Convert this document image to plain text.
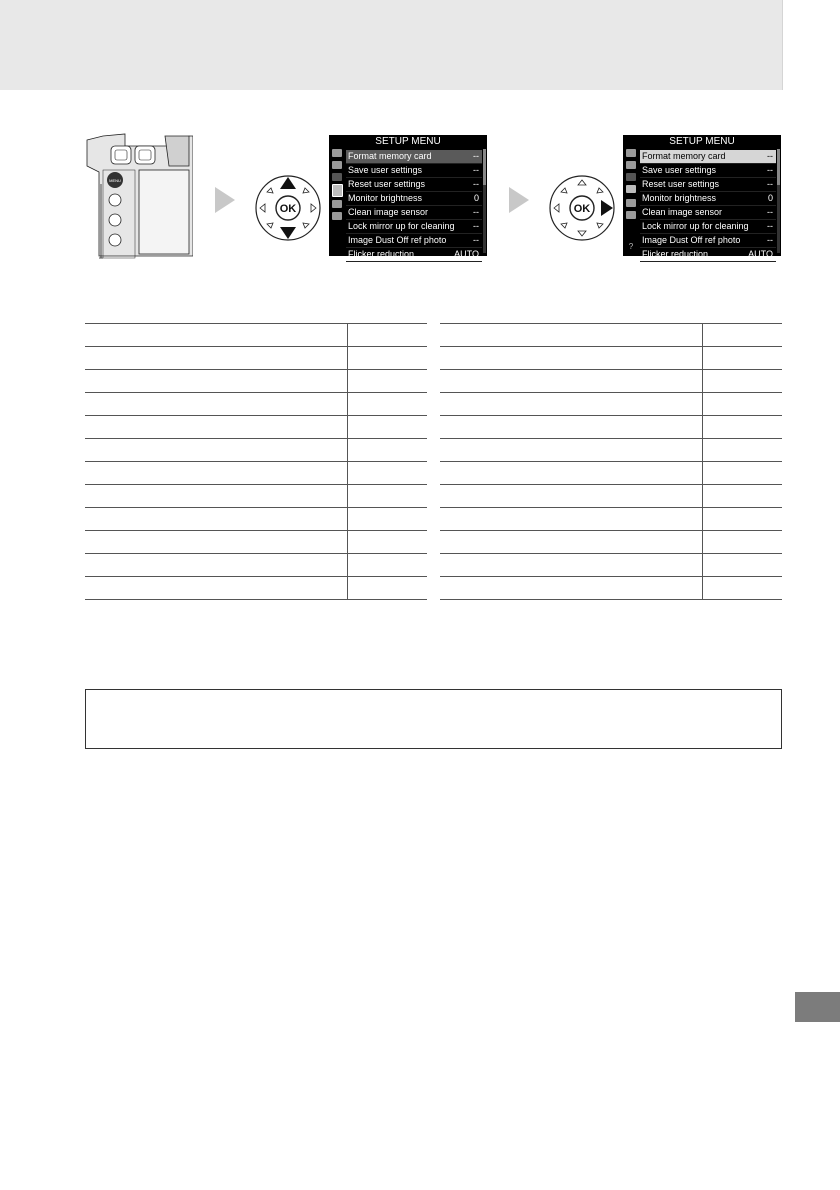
MENU
OK	OK
SETUP MENU
Format memory card	--
Save user settings	--
Reset user settings	--
Monitor brightness	0
Clean image sensor	--
Lock mirror up for cleaning --
Image Dust Off ref photo	--
Flicker reduction	AUTO
SETUP MENU
?
Format memory card	--
Save user settings	--
Reset user settings	--
Monitor brightness	0
Clean image sensor	--
Lock mirror up for cleaning --
Image Dust Off ref photo	--
Flicker reduction	AUTO
